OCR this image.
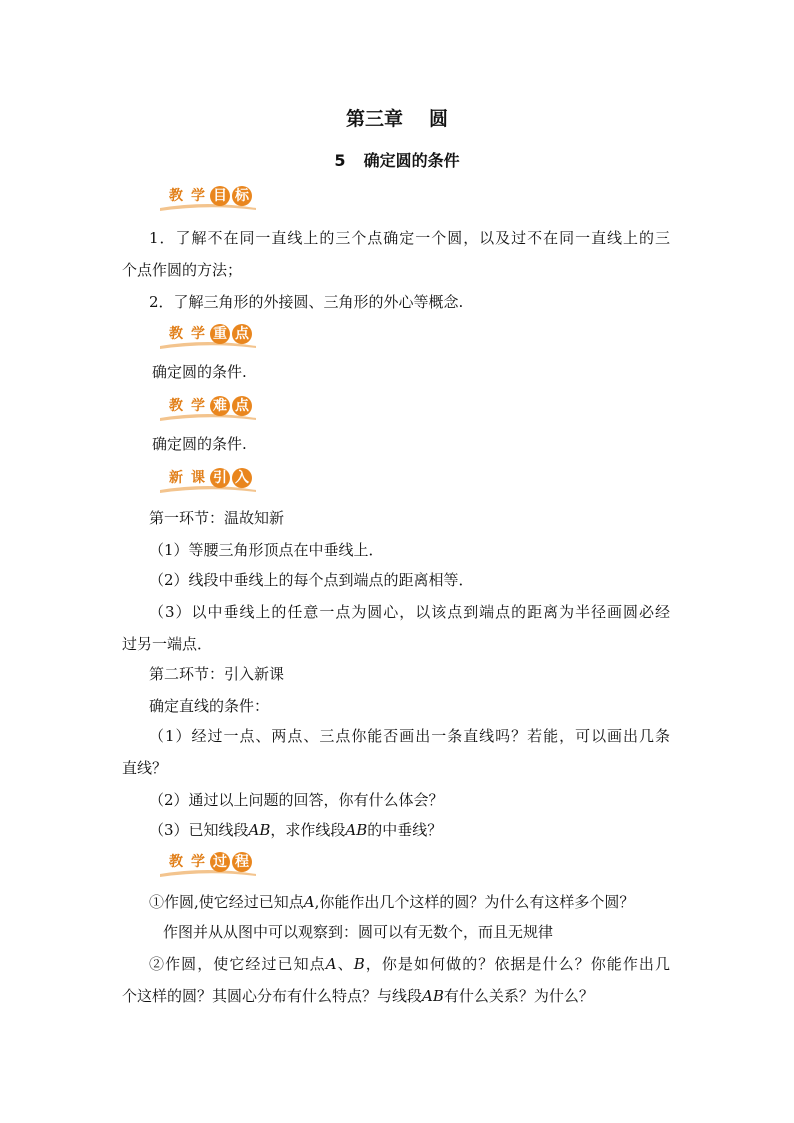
第三章 圆
5 确定圆的条件
教 学 目 标
1．了解不在同一直线上的三个点确定一个圆，以及过不在同一直线上的三
个点作圆的方法；
2．了解三角形的外接圆、三角形的外心等概念.
教 学 重 点
确定圆的条件.
教 学 难 点
确定圆的条件.
新 课 引 入
第一环节：温故知新
（1）等腰三角形顶点在中垂线上．
（2）线段中垂线上的每个点到端点的距离相等．
（3）以中垂线上的任意一点为圆心，以该点到端点的距离为半径画圆必经
过另一端点．
第二环节：引入新课
确定直线的条件：
（1）经过一点、两点、三点你能否画出一条直线吗？若能，可以画出几条
直线？
（2）通过以上问题的回答，你有什么体会？
（3）已知线段AB，求作线段AB的中垂线？
教 学 过 程
①作圆,使它经过已知点A,你能作出几个这样的圆？为什么有这样多个圆？
作图并从从图中可以观察到：圆可以有无数个，而且无规律
②作圆，使它经过已知点A、B，你是如何做的？依据是什么？你能作出几
个这样的圆？其圆心分布有什么特点？与线段AB有什么关系？为什么？
